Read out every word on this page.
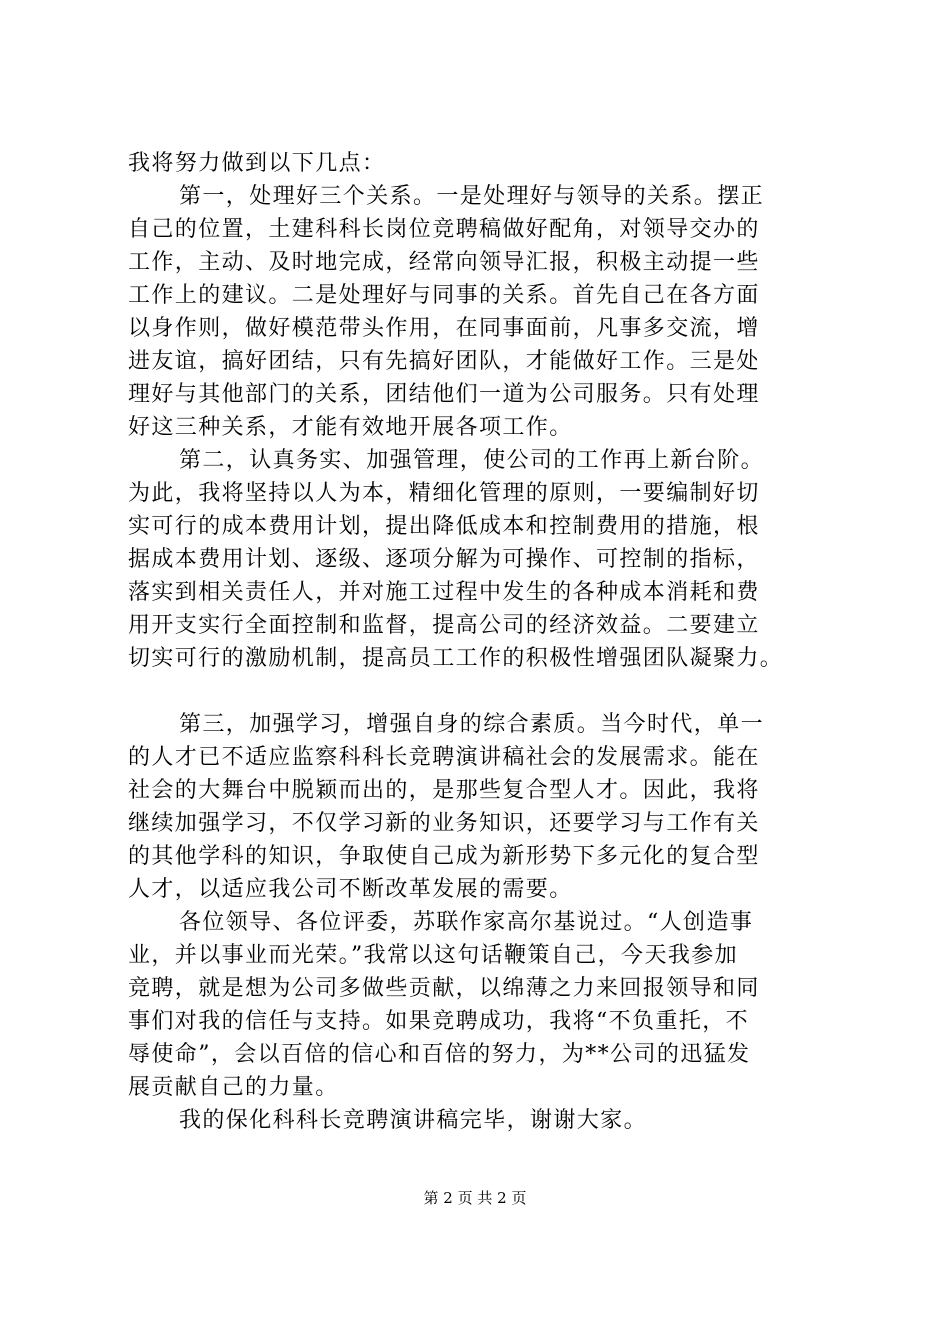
我将努力做到以下几点：
第一，处理好三个关系。一是处理好与领导的关系。摆正
自己的位置，土建科科长岗位竞聘稿做好配角，对领导交办的
工作，主动、及时地完成，经常向领导汇报，积极主动提一些
工作上的建议。二是处理好与同事的关系。首先自己在各方面
以身作则，做好模范带头作用，在同事面前，凡事多交流，增
进友谊，搞好团结，只有先搞好团队，才能做好工作。三是处
理好与其他部门的关系，团结他们一道为公司服务。只有处理
好这三种关系，才能有效地开展各项工作。
第二，认真务实、加强管理，使公司的工作再上新台阶。
为此，我将坚持以人为本，精细化管理的原则，一要编制好切
实可行的成本费用计划，提出降低成本和控制费用的措施，根
据成本费用计划、逐级、逐项分解为可操作、可控制的指标，
落实到相关责任人，并对施工过程中发生的各种成本消耗和费
用开支实行全面控制和监督，提高公司的经济效益。二要建立
切实可行的激励机制，提高员工工作的积极性增强团队凝聚力。
第三，加强学习，增强自身的综合素质。当今时代，单一
的人才已不适应监察科科长竞聘演讲稿社会的发展需求。能在
社会的大舞台中脱颖而出的，是那些复合型人才。因此，我将
继续加强学习，不仅学习新的业务知识，还要学习与工作有关
的其他学科的知识，争取使自己成为新形势下多元化的复合型
人才，以适应我公司不断改革发展的需要。
各位领导、各位评委，苏联作家高尔基说过。“人创造事
业，并以事业而光荣。”我常以这句话鞭策自己，今天我参加
竞聘，就是想为公司多做些贡献，以绵薄之力来回报领导和同
事们对我的信任与支持。如果竞聘成功，我将“不负重托，不
辱使命”，会以百倍的信心和百倍的努力，为**公司的迅猛发
展贡献自己的力量。
我的保化科科长竞聘演讲稿完毕，谢谢大家。
第 2 页 共 2 页
